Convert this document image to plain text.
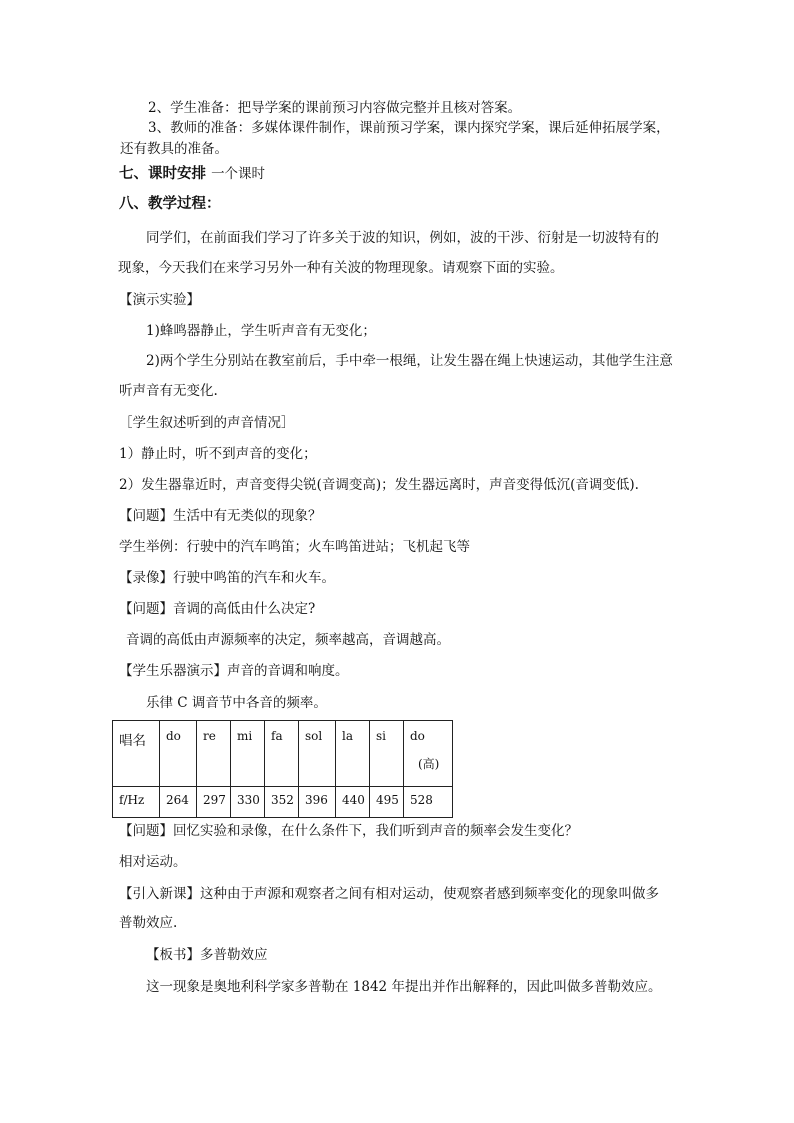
2、学生准备：把导学案的课前预习内容做完整并且核对答案。
3、教师的准备：多媒体课件制作，课前预习学案，课内探究学案，课后延伸拓展学案，
还有教具的准备。
七、课时安排 一个课时
八、教学过程：
同学们，在前面我们学习了许多关于波的知识，例如，波的干涉、衍射是一切波特有的
现象，今天我们在来学习另外一种有关波的物理现象。请观察下面的实验。
【演示实验】
1)蜂鸣器静止，学生听声音有无变化；
2)两个学生分别站在教室前后，手中牵一根绳，让发生器在绳上快速运动，其他学生注意
听声音有无变化.
［学生叙述听到的声音情况］
1）静止时，听不到声音的变化；
2）发生器靠近时，声音变得尖锐(音调变高)；发生器远离时，声音变得低沉(音调变低).
【问题】生活中有无类似的现象？
学生举例：行驶中的汽车鸣笛；火车鸣笛进站；飞机起飞等
【录像】行驶中鸣笛的汽车和火车。
【问题】音调的高低由什么决定?
音调的高低由声源频率的决定，频率越高，音调越高。
【学生乐器演示】声音的音调和响度。
乐律 C 调音节中各音的频率。
唱名	do	re	mi	fa	sol	la	si	do
(高)

f/Hz	264	297	330	352	396	440	495	528
【问题】回忆实验和录像，在什么条件下，我们听到声音的频率会发生变化？
相对运动。
【引入新课】这种由于声源和观察者之间有相对运动，使观察者感到频率变化的现象叫做多
普勒效应.
【板书】多普勒效应
这一现象是奥地利科学家多普勒在 1842 年提出并作出解释的，因此叫做多普勒效应。
